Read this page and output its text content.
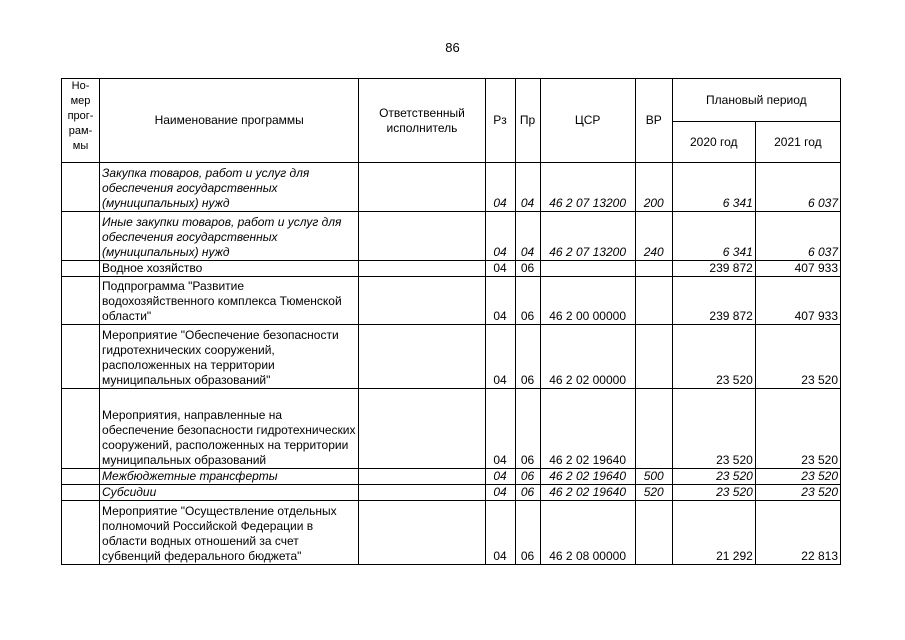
86
Но-мер прог-рам-мы	Наименование программы	Ответственный исполнитель	Рз	Пр	ЦСР	ВР	Плановый период	
							2020 год	2021 год
	Закупка товаров, работ и услуг для обеспечения государственных (муниципальных) нужд		04	04	46 2 07 13200	200	6 341	6 037
	Иные закупки товаров, работ и услуг для обеспечения государственных (муниципальных) нужд		04	04	46 2 07 13200	240	6 341	6 037
	Водное хозяйство		04	06			239 872	407 933
	Подпрограмма "Развитие водохозяйственного комплекса Тюменской области"		04	06	46 2 00 00000		239 872	407 933
	Мероприятие "Обеспечение безопасности гидротехнических сооружений, расположенных на территории муниципальных образований"		04	06	46 2 02 00000		23 520	23 520
	Мероприятия, направленные на обеспечение безопасности гидротехнических сооружений, расположенных на территории муниципальных образований		04	06	46 2 02 19640		23 520	23 520
	Межбюджетные трансферты		04	06	46 2 02 19640	500	23 520	23 520
	Субсидии		04	06	46 2 02 19640	520	23 520	23 520
	Мероприятие "Осуществление отдельных полномочий Российской Федерации в области водных отношений за счет субвенций федерального бюджета"		04	06	46 2 08 00000		21 292	22 813
